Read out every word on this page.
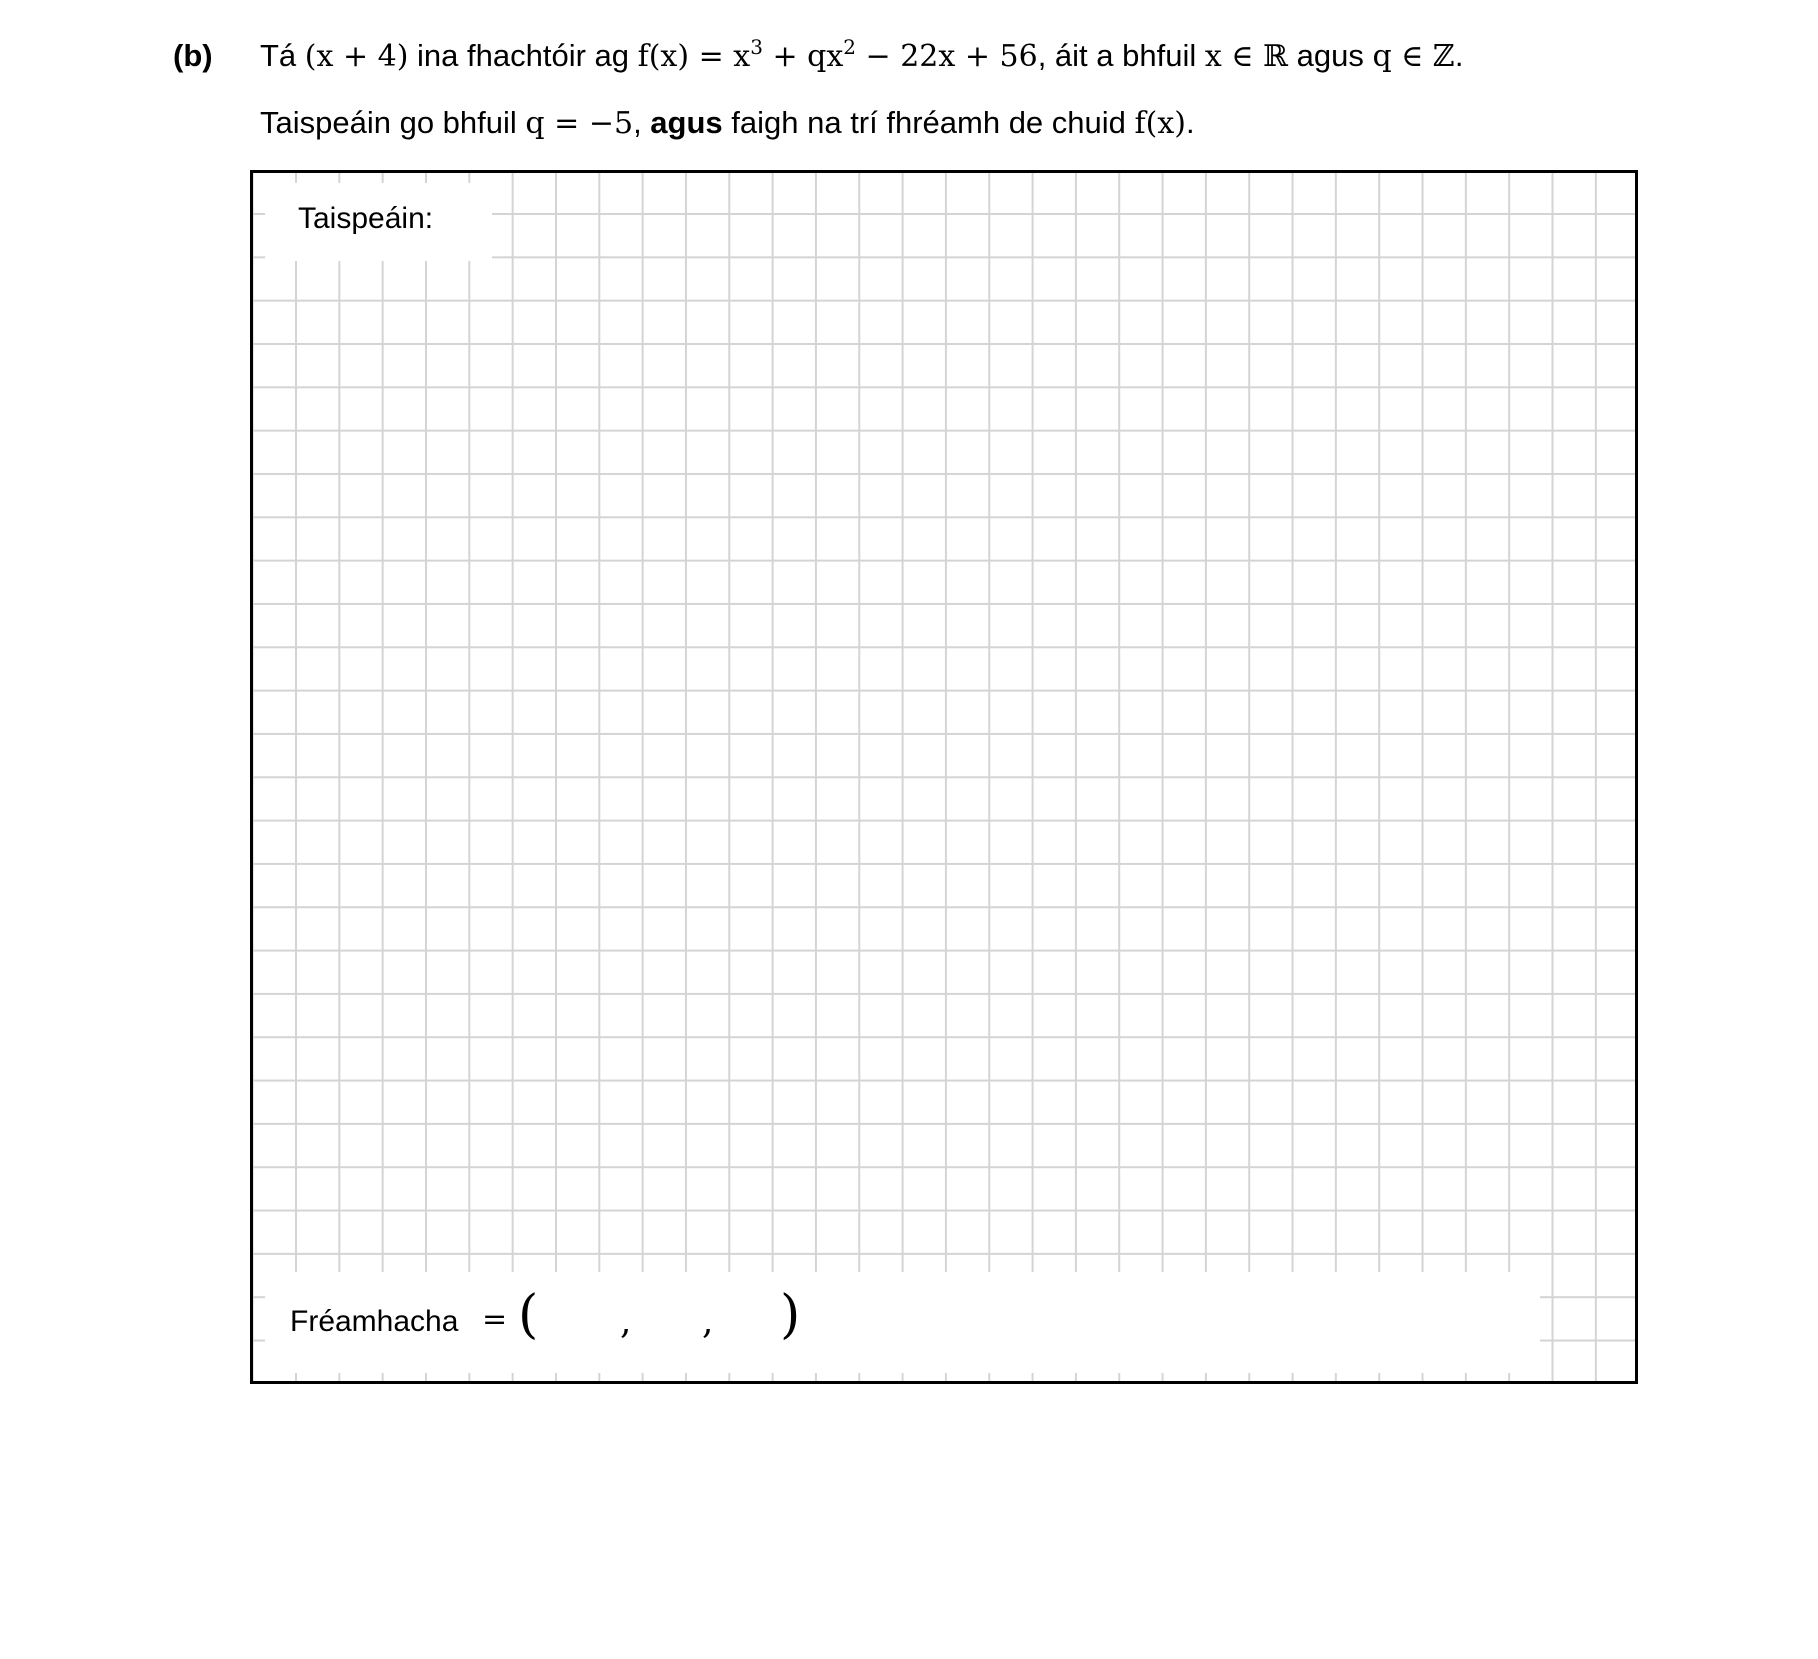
(b) Tá (x + 4) ina fhachtóir ag $f(x) = x^3 + qx^2 - 22x + 56$, áit a bhfuil x ∈ ℝ agus q ∈ ℤ.
Taispeáin go bhfuil q = −5, agus faigh na trí fhréamh de chuid f(x).
Taispeáin:
Fréamhacha = ( , , )
